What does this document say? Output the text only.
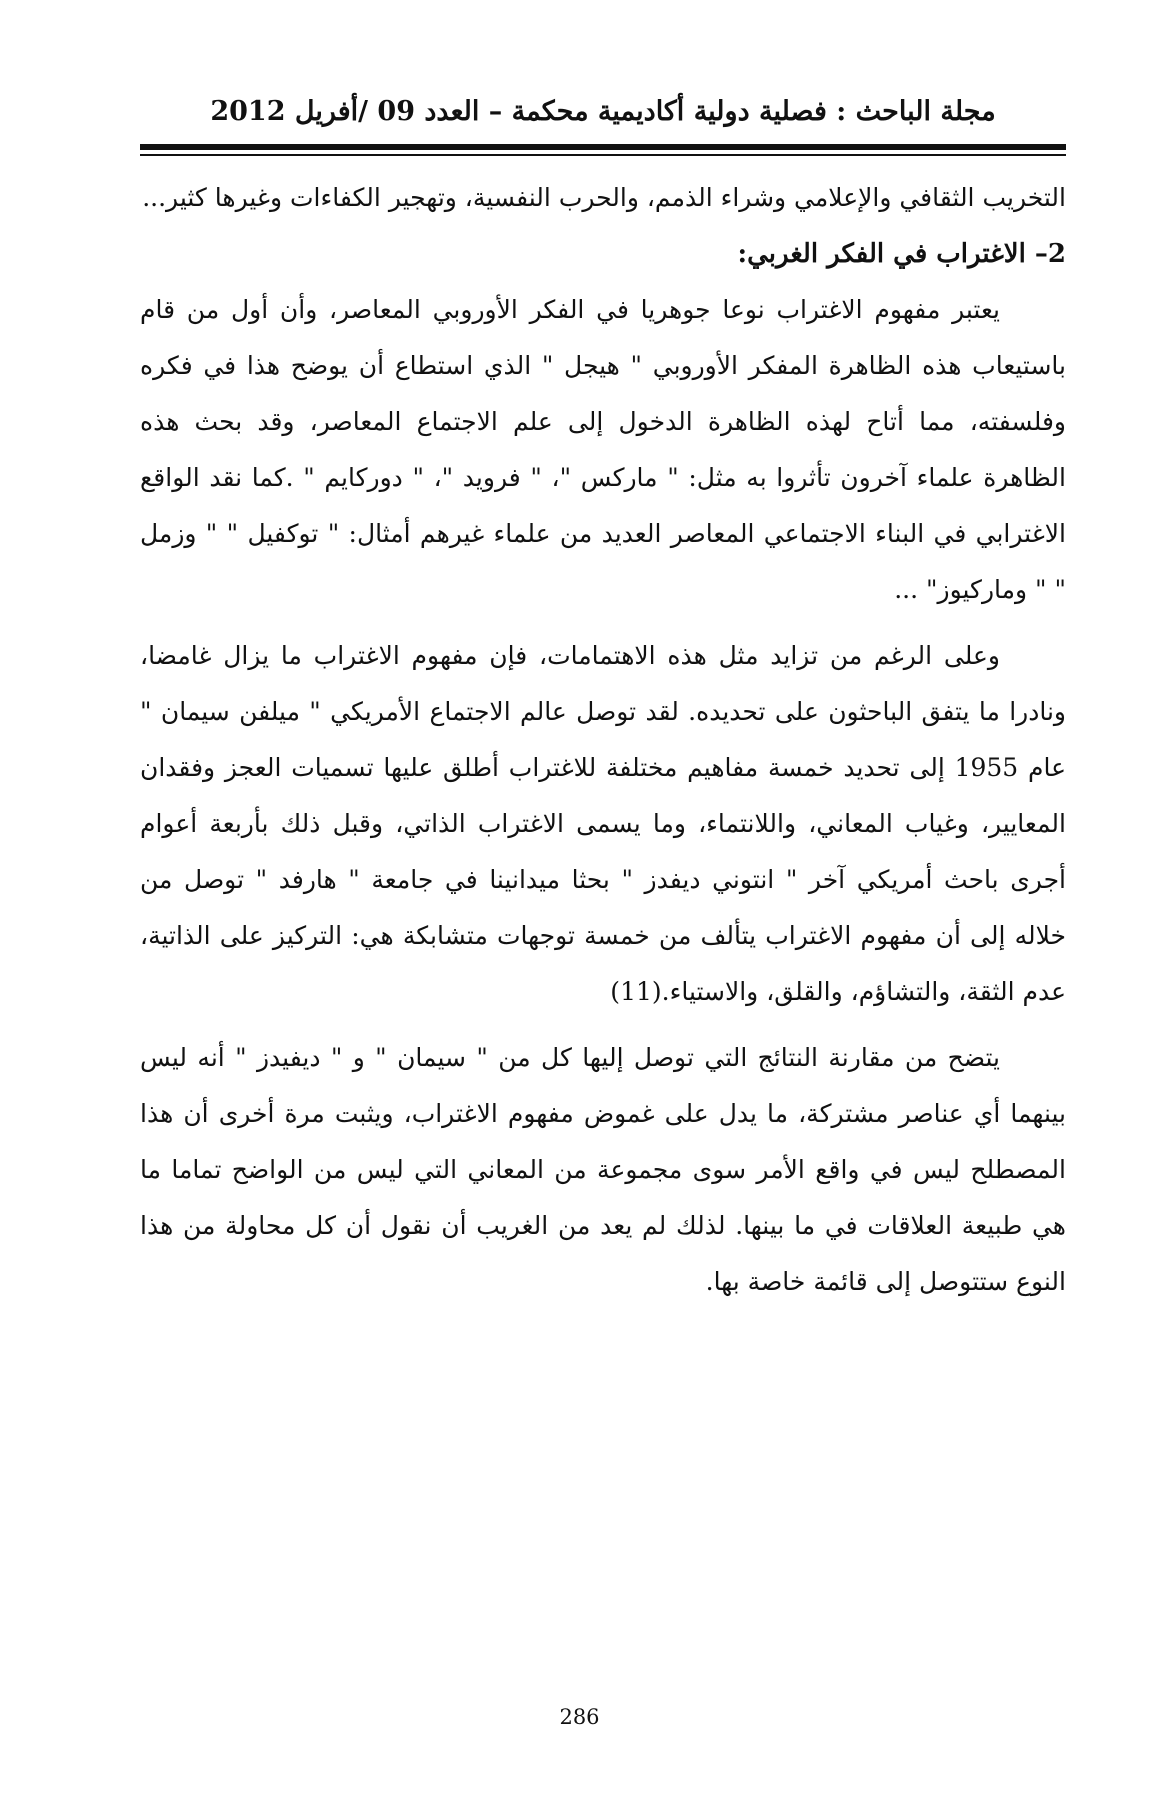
مجلة الباحث : فصلية دولية أكاديمية محكمة – العدد 09 /أفريل 2012

التخريب الثقافي والإعلامي وشراء الذمم، والحرب النفسية، وتهجير الكفاءات وغيرها كثير...

2– الاغتراب في الفكر الغربي:

يعتبر مفهوم الاغتراب نوعا جوهريا في الفكر الأوروبي المعاصر، وأن أول من قام باستيعاب هذه الظاهرة المفكر الأوروبي " هيجل " الذي استطاع أن يوضح هذا في فكره وفلسفته، مما أتاح لهذه الظاهرة الدخول إلى علم الاجتماع المعاصر، وقد بحث هذه الظاهرة علماء آخرون تأثروا به مثل: " ماركس "، " فرويد "، " دوركايم " .كما نقد الواقع الاغترابي في البناء الاجتماعي المعاصر العديد من علماء غيرهم أمثال: " توكفيل " " وزمل " " وماركيوز" ...

وعلى الرغم من تزايد مثل هذه الاهتمامات، فإن مفهوم الاغتراب ما يزال غامضا، ونادرا ما يتفق الباحثون على تحديده. لقد توصل عالم الاجتماع الأمريكي " ميلفن سيمان " عام 1955 إلى تحديد خمسة مفاهيم مختلفة للاغتراب أطلق عليها تسميات العجز وفقدان المعايير، وغياب المعاني، واللانتماء، وما يسمى الاغتراب الذاتي، وقبل ذلك بأربعة أعوام أجرى باحث أمريكي آخر " انتوني ديفدز " بحثا ميدانينا في جامعة " هارفد " توصل من خلاله إلى أن مفهوم الاغتراب يتألف من خمسة توجهات متشابكة هي: التركيز على الذاتية، عدم الثقة، والتشاؤم، والقلق، والاستياء.(11)

يتضح من مقارنة النتائج التي توصل إليها كل من " سيمان " و " ديفيدز " أنه ليس بينهما أي عناصر مشتركة، ما يدل على غموض مفهوم الاغتراب، ويثبت مرة أخرى أن هذا المصطلح ليس في واقع الأمر سوى مجموعة من المعاني التي ليس من الواضح تماما ما هي طبيعة العلاقات في ما بينها. لذلك لم يعد من الغريب أن نقول أن كل محاولة من هذا النوع ستتوصل إلى قائمة خاصة بها.

286
